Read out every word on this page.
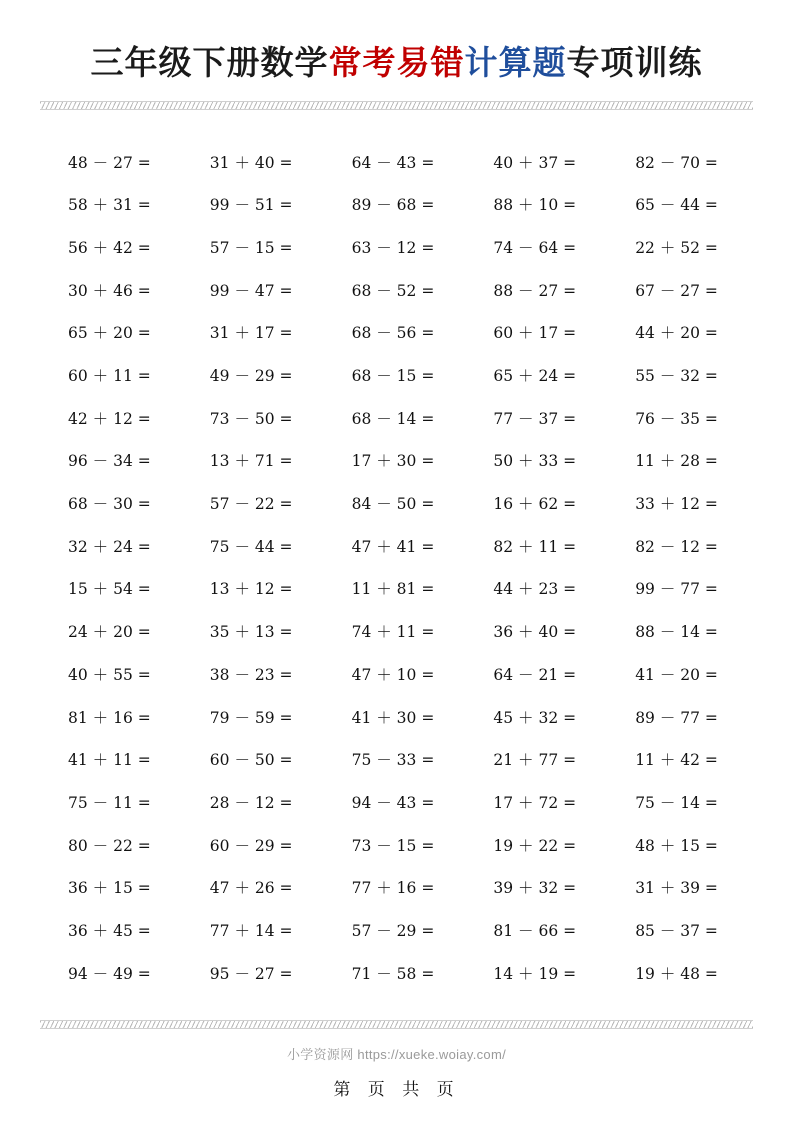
三年级下册数学常考易错计算题专项训练
48 － 27 =	31 ＋ 40 =	64 － 43 =	40 ＋ 37 =	82 － 70 =
58 ＋ 31 =	99 － 51 =	89 － 68 =	88 ＋ 10 =	65 － 44 =
56 ＋ 42 =	57 － 15 =	63 － 12 =	74 － 64 =	22 ＋ 52 =
30 ＋ 46 =	99 － 47 =	68 － 52 =	88 － 27 =	67 － 27 =
65 ＋ 20 =	31 ＋ 17 =	68 － 56 =	60 ＋ 17 =	44 ＋ 20 =
60 ＋ 11 =	49 － 29 =	68 － 15 =	65 ＋ 24 =	55 － 32 =
42 ＋ 12 =	73 － 50 =	68 － 14 =	77 － 37 =	76 － 35 =
96 － 34 =	13 ＋ 71 =	17 ＋ 30 =	50 ＋ 33 =	11 ＋ 28 =
68 － 30 =	57 － 22 =	84 － 50 =	16 ＋ 62 =	33 ＋ 12 =
32 ＋ 24 =	75 － 44 =	47 ＋ 41 =	82 ＋ 11 =	82 － 12 =
15 ＋ 54 =	13 ＋ 12 =	11 ＋ 81 =	44 ＋ 23 =	99 － 77 =
24 ＋ 20 =	35 ＋ 13 =	74 ＋ 11 =	36 ＋ 40 =	88 － 14 =
40 ＋ 55 =	38 － 23 =	47 ＋ 10 =	64 － 21 =	41 － 20 =
81 ＋ 16 =	79 － 59 =	41 ＋ 30 =	45 ＋ 32 =	89 － 77 =
41 ＋ 11 =	60 － 50 =	75 － 33 =	21 ＋ 77 =	11 ＋ 42 =
75 － 11 =	28 － 12 =	94 － 43 =	17 ＋ 72 =	75 － 14 =
80 － 22 =	60 － 29 =	73 － 15 =	19 ＋ 22 =	48 ＋ 15 =
36 ＋ 15 =	47 ＋ 26 =	77 ＋ 16 =	39 ＋ 32 =	31 ＋ 39 =
36 ＋ 45 =	77 ＋ 14 =	57 － 29 =	81 － 66 =	85 － 37 =
94 － 49 =	95 － 27 =	71 － 58 =	14 ＋ 19 =	19 ＋ 48 =
小学资源网 https://xueke.woiay.com/
第 页 共 页
